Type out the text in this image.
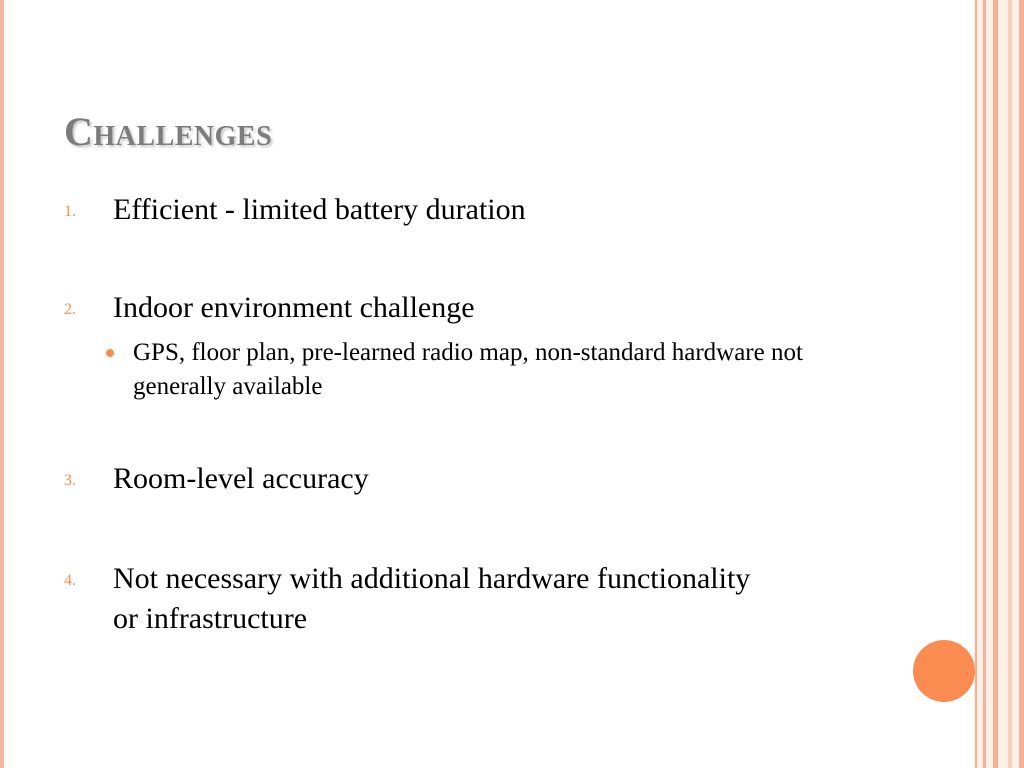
Challenges
1. Efficient - limited battery duration
2. Indoor environment challenge
GPS, floor plan, pre-learned radio map, non-standard hardware not generally available
3. Room-level accuracy
4. Not necessary with additional hardware functionality or infrastructure
